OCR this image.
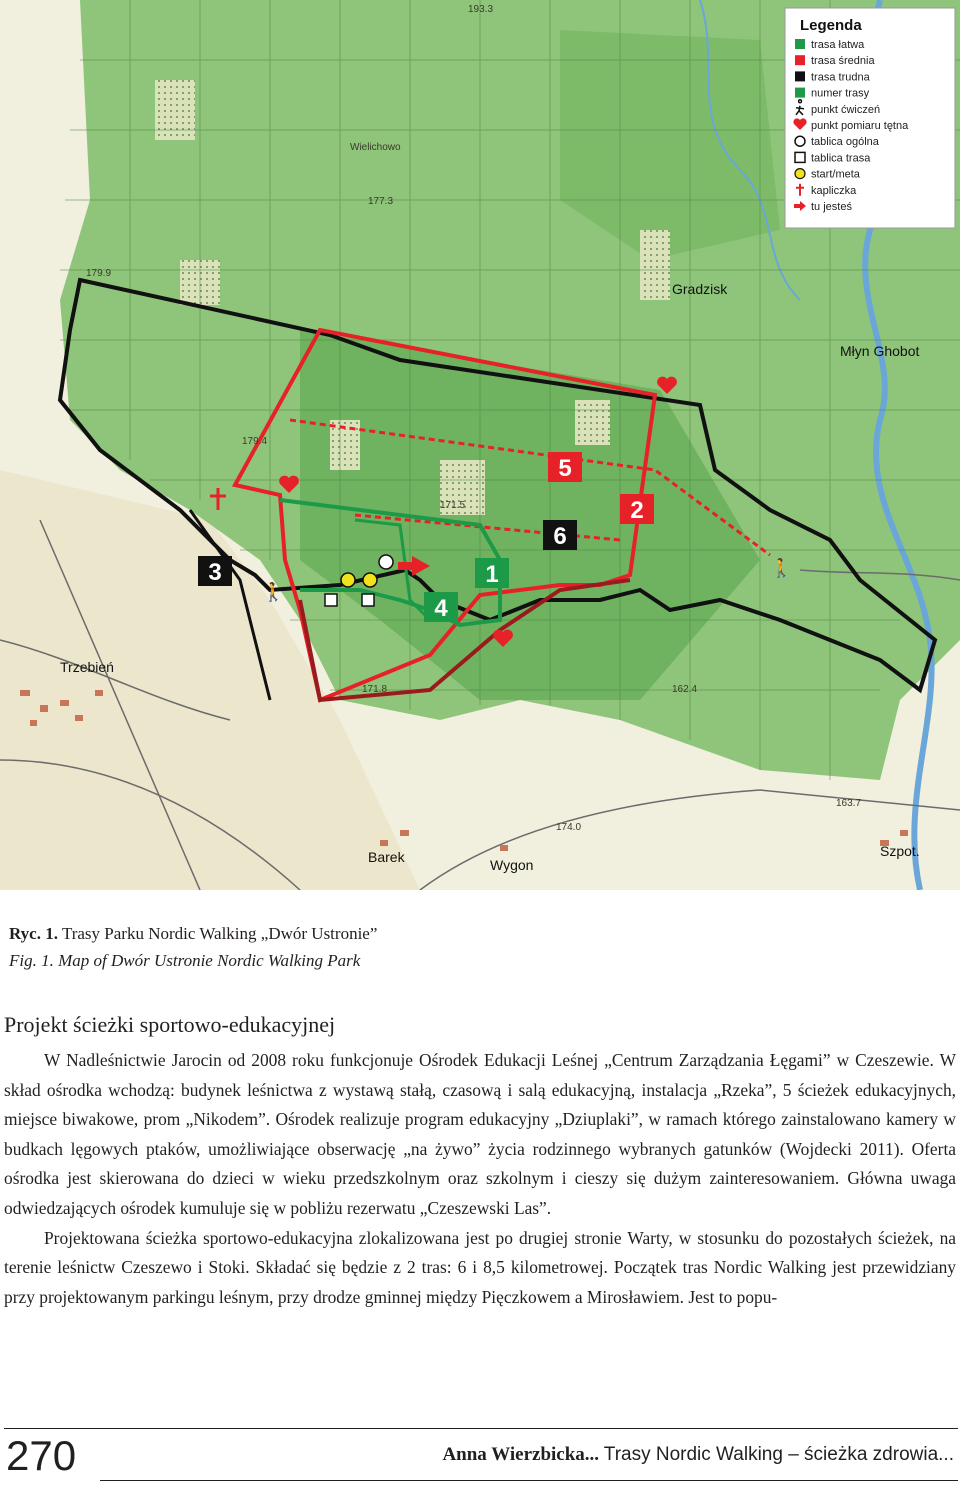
5
2
6
1
4
3
🚶
🚶
Trzebień
Barek	Wygon
Gradzisk
Szpot.
Młyn Ghobot
Wielichowo
193.3
177.3
179.9
179.4
171.5
171.8	162.4
163.7
174.0
Legenda
trasa łatwa
trasa średnia
trasa trudna
numer trasy
punkt ćwiczeń
punkt pomiaru tętna
tablica ogólna
tablica trasa
start/meta
kapliczka
tu jesteś
Ryc. 1. Trasy Parku Nordic Walking „Dwór Ustronie”
Fig. 1. Map of Dwór Ustronie Nordic Walking Park
Projekt ścieżki sportowo-edukacyjnej

W Nadleśnictwie Jarocin od 2008 roku funkcjonuje Ośrodek Edukacji Leśnej „Centrum Zarządzania Łęgami” w Czeszewie. W skład ośrodka wchodzą: budynek leśnictwa z wystawą stałą, czasową i salą edukacyjną, instalacja „Rzeka”, 5 ścieżek edukacyjnych, miejsce biwakowe, prom „Nikodem”. Ośrodek realizuje program edukacyjny „Dziuplaki”, w ramach którego zainstalowano kamery w budkach lęgowych ptaków, umożliwiające obserwację „na żywo” życia rodzinnego wybranych gatunków (Wojdecki 2011). Oferta ośrodka jest skierowana do dzieci w wieku przedszkolnym oraz szkolnym i cieszy się dużym zainteresowaniem. Główna uwaga odwiedzających ośrodek kumuluje się w pobliżu rezerwatu „Czeszewski Las”.

Projektowana ścieżka sportowo-edukacyjna zlokalizowana jest po drugiej stronie Warty, w stosunku do pozostałych ścieżek, na terenie leśnictw Czeszewo i Stoki. Składać się będzie z 2 tras: 6 i 8,5 kilometrowej. Początek tras Nordic Walking jest przewidziany przy projektowanym parkingu leśnym, przy drodze gminnej między Pięczkowem a Mirosławiem. Jest to popu-

270	Anna Wierzbicka... Trasy Nordic Walking – ścieżka zdrowia...
